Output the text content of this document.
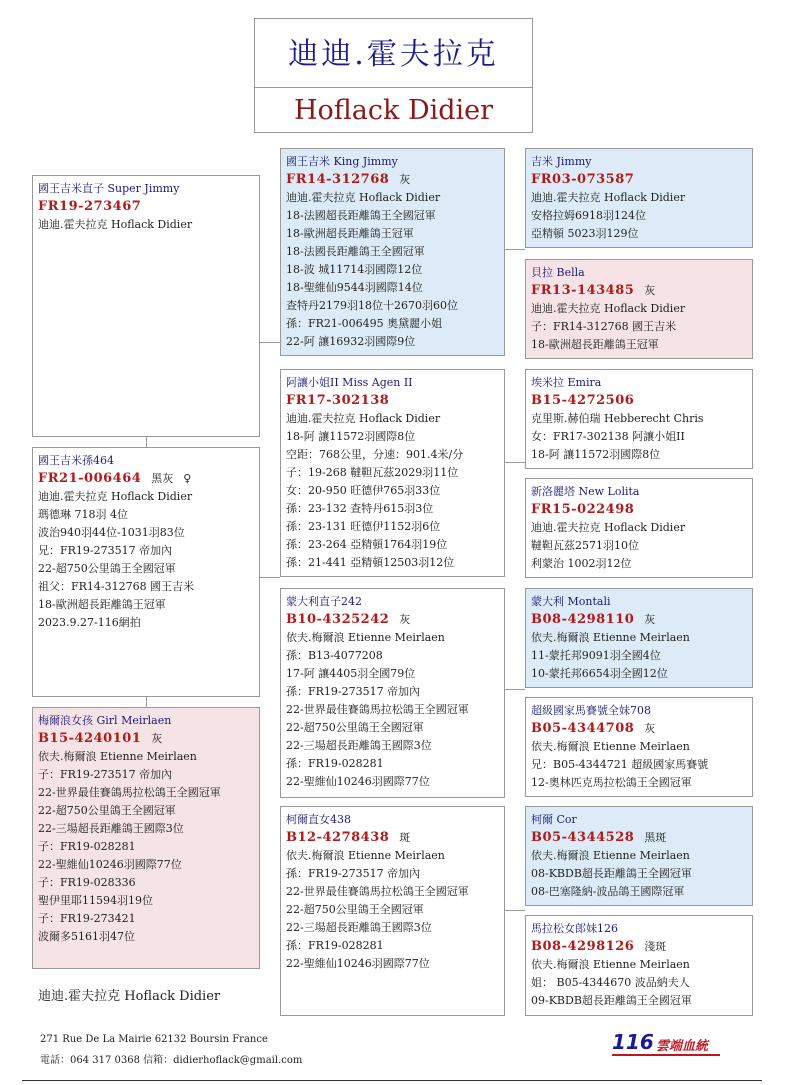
迪迪.霍夫拉克
Hoflack Didier
國王吉米直子 Super Jimmy
FR19-273467
迪迪.霍夫拉克 Hoflack Didier
國王吉米孫464
FR21-006464 黑灰 ♀
迪迪.霍夫拉克 Hoflack Didier
瑪德琳 718羽 4位
波治940羽44位-1031羽83位
兄：FR19-273517 帝加內
22-超750公里鴿王全國冠軍
祖父：FR14-312768 國王吉米
18-歐洲超長距離鴿王冠軍
2023.9.27-116網拍
梅爾浪女孩 Girl Meirlaen
B15-4240101 灰
依夫.梅爾浪 Etienne Meirlaen
子：FR19-273517 帝加內
22-世界最佳賽鴿馬拉松鴿王全國冠軍
22-超750公里鴿王全國冠軍
22-三場超長距離鴿王國際3位
子：FR19-028281
22-聖維仙10246羽國際77位
子：FR19-028336
聖伊里耶11594羽19位
子：FR19-273421
波爾多5161羽47位
國王吉米 King Jimmy
FR14-312768 灰
迪迪.霍夫拉克 Hoflack Didier
18-法國超長距離鴿王全國冠軍
18-歐洲超長距離鴿王冠軍
18-法國長距離鴿王全國冠軍
18-波 城11714羽國際12位
18-聖維仙9544羽國際14位
查特丹2179羽18位十2670羽60位
孫：FR21-006495 奧黛麗小姐
22-阿 讓16932羽國際9位
阿讓小姐II Miss Agen II
FR17-302138
迪迪.霍夫拉克 Hoflack Didier
18-阿 讓11572羽國際8位
空距：768公里，分速：901.4米/分
子：19-268 韃靼瓦茲2029羽11位
女：20-950 旺德伊765羽33位
孫：23-132 查特丹615羽3位
孫：23-131 旺德伊1152羽6位
孫：23-264 亞精頓1764羽19位
孫：21-441 亞精頓12503羽12位
蒙大利直子242
B10-4325242 灰
依夫.梅爾浪 Etienne Meirlaen
孫：B13-4077208
17-阿 讓4405羽全國79位
孫：FR19-273517 帝加內
22-世界最佳賽鴿馬拉松鴿王全國冠軍
22-超750公里鴿王全國冠軍
22-三場超長距離鴿王國際3位
孫：FR19-028281
22-聖維仙10246羽國際77位
柯爾直女438
B12-4278438 斑
依夫.梅爾浪 Etienne Meirlaen
孫：FR19-273517 帝加內
22-世界最佳賽鴿馬拉松鴿王全國冠軍
22-超750公里鴿王全國冠軍
22-三場超長距離鴿王國際3位
孫：FR19-028281
22-聖維仙10246羽國際77位
吉米 Jimmy
FR03-073587
迪迪.霍夫拉克 Hoflack Didier
安格拉姆6918羽124位
亞精頓 5023羽129位
貝拉 Bella
FR13-143485 灰
迪迪.霍夫拉克 Hoflack Didier
子：FR14-312768 國王吉米
18-歐洲超長距離鴿王冠軍
埃米拉 Emira
B15-4272506
克里斯.赫伯瑞 Hebberecht Chris
女：FR17-302138 阿讓小姐II
18-阿 讓11572羽國際8位
新洛麗塔 New Lolita
FR15-022498
迪迪.霍夫拉克 Hoflack Didier
韃靼瓦茲2571羽10位
利蒙治 1002羽12位
蒙大利 Montali
B08-4298110 灰
依夫.梅爾浪 Etienne Meirlaen
11-蒙托邦9091羽全國4位
10-蒙托邦6654羽全國12位
超級國家馬賽號全妹708
B05-4344708 灰
依夫.梅爾浪 Etienne Meirlaen
兄：B05-4344721 超級國家馬賽號
12-奧林匹克馬拉松鴿王全國冠軍
柯爾 Cor
B05-4344528 黑斑
依夫.梅爾浪 Etienne Meirlaen
08-KBDB超長距離鴿王全國冠軍
08-巴塞隆納-波品鴿王國際冠軍
馬拉松女郎妹126
B08-4298126 淺斑
依夫.梅爾浪 Etienne Meirlaen
姐： B05-4344670 波品納夫人
09-KBDB超長距離鴿王全國冠軍
迪迪.霍夫拉克 Hoflack Didier
271 Rue De La Mairie 62132 Boursin France
電話：064 317 0368 信箱：didierhoflack@gmail.com
116 雲端血統
